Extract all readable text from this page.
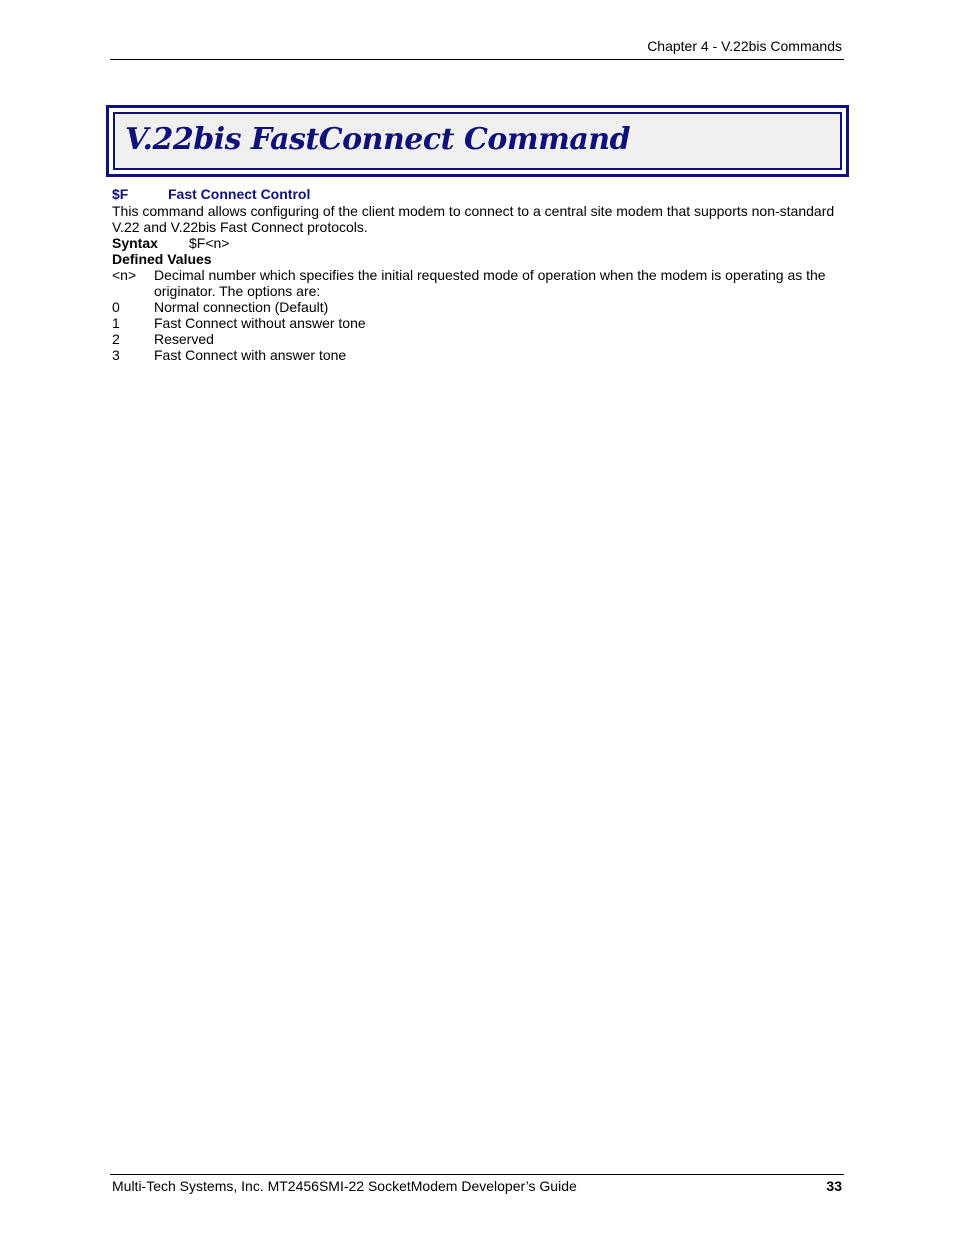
Chapter 4 - V.22bis Commands
V.22bis FastConnect Command
$F	Fast Connect Control

This command allows configuring of the client modem to connect to a central site modem that supports non-standard V.22 and V.22bis Fast Connect protocols.

Syntax $F<n>
Defined Values
<n>	Decimal number which specifies the initial requested mode of operation when the modem is operating as the originator. The options are:
0	Normal connection (Default)
1	Fast Connect without answer tone
2	Reserved
3	Fast Connect with answer tone
Multi-Tech Systems, Inc. MT2456SMI-22 SocketModem Developer’s Guide	33
